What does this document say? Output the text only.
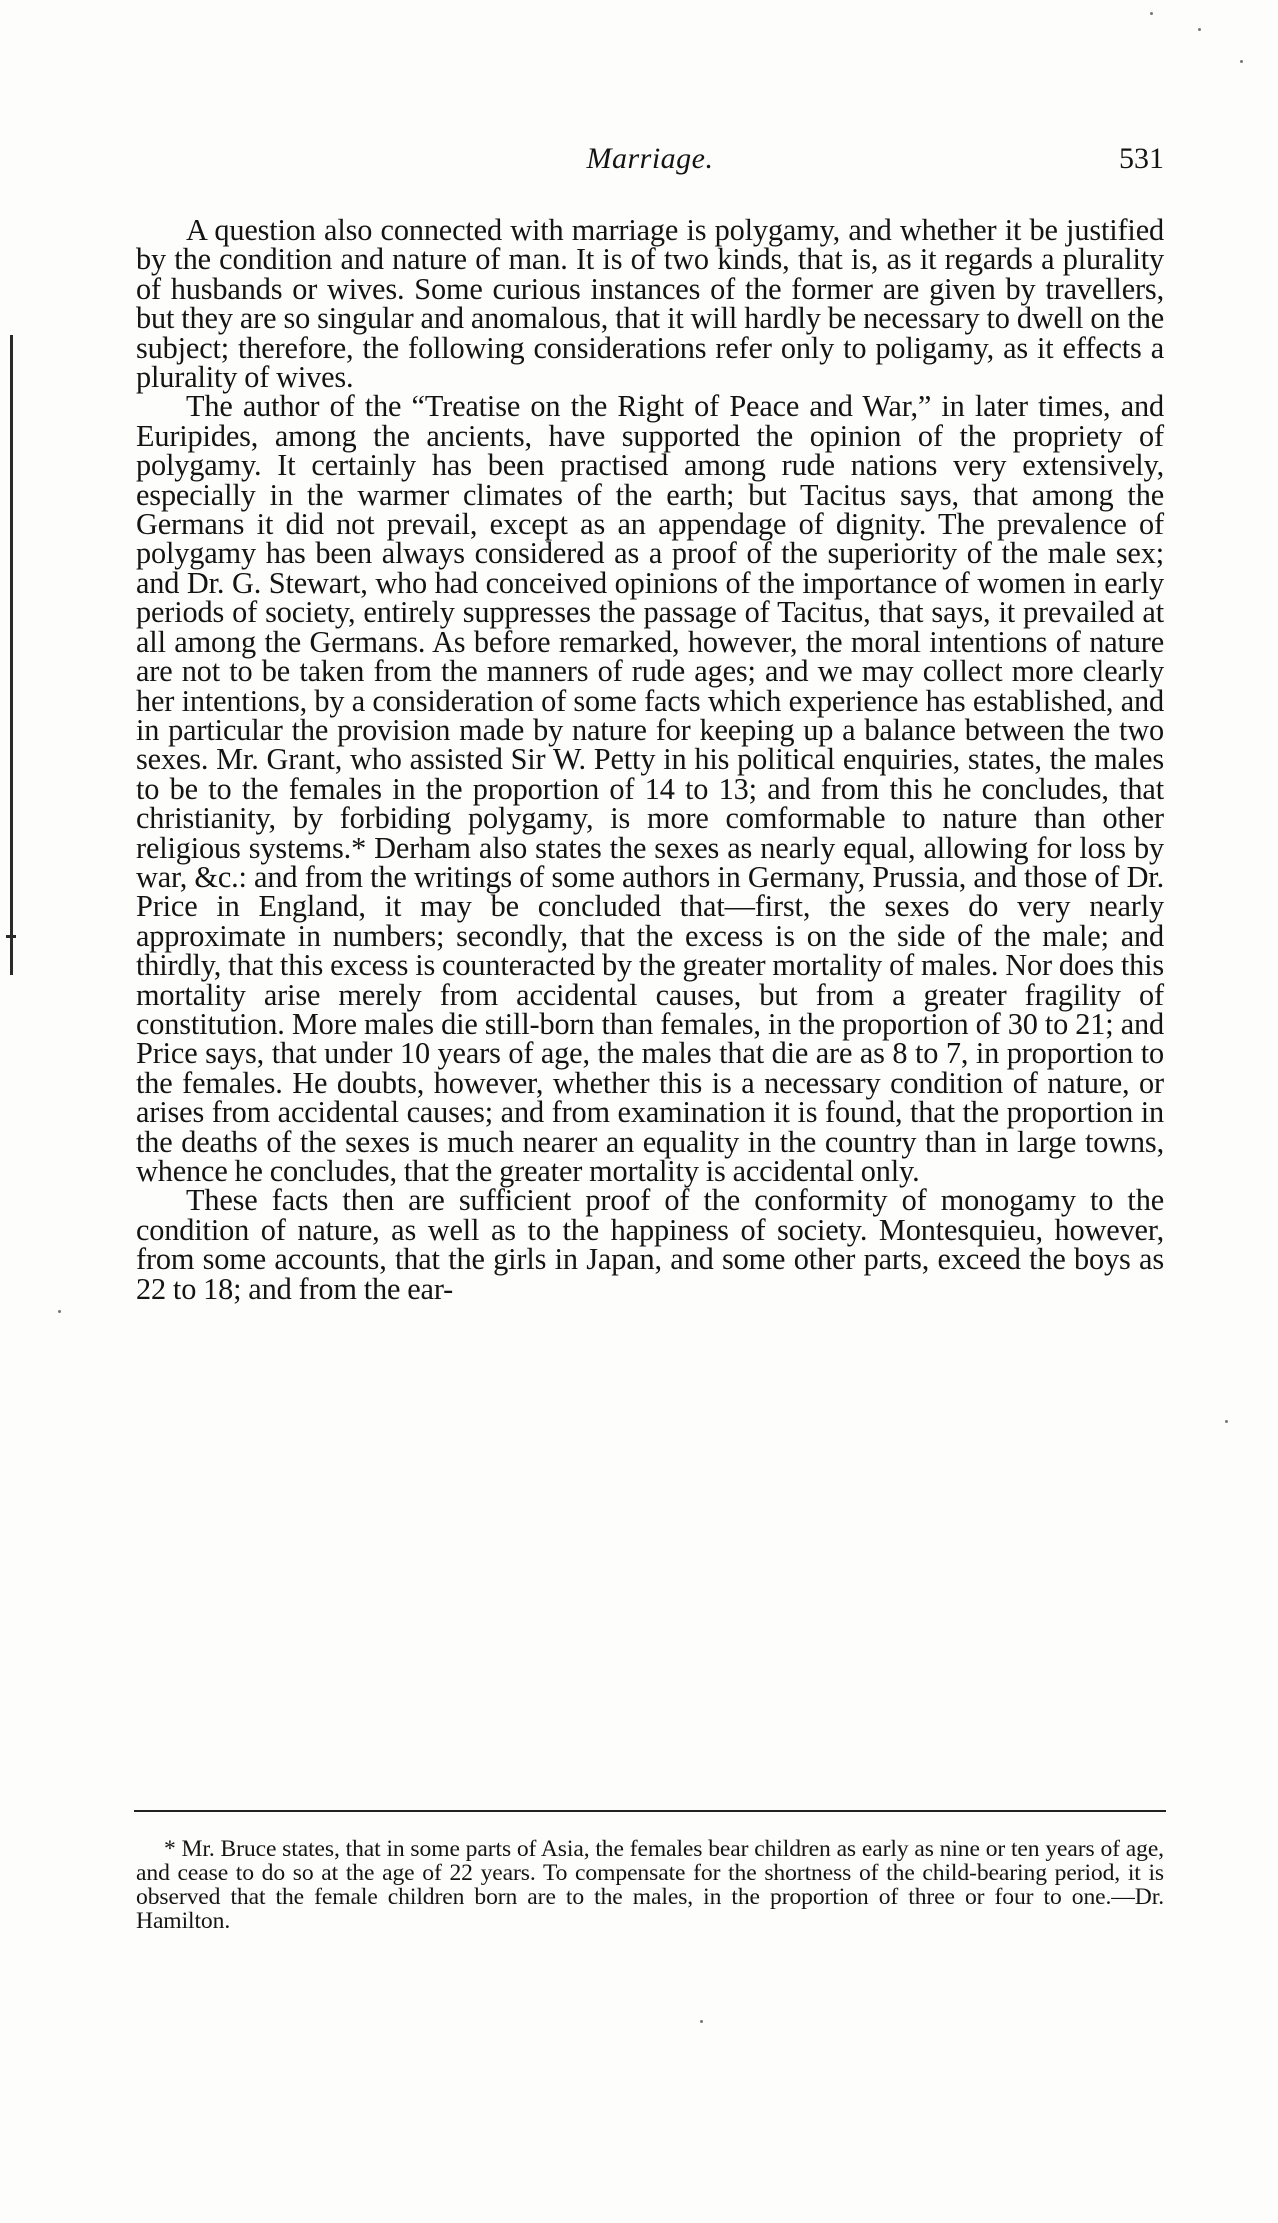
Marriage.	531

A question also connected with marriage is polygamy, and whether it be justified by the condition and nature of man. It is of two kinds, that is, as it regards a plurality of husbands or wives. Some curious instances of the former are given by travellers, but they are so singular and anomalous, that it will hardly be necessary to dwell on the subject; therefore, the following considerations refer only to poligamy, as it effects a plurality of wives.

The author of the “Treatise on the Right of Peace and War,” in later times, and Euripides, among the ancients, have supported the opinion of the propriety of polygamy. It certainly has been practised among rude nations very extensively, especially in the warmer climates of the earth; but Tacitus says, that among the Germans it did not prevail, except as an appendage of dignity. The prevalence of polygamy has been always considered as a proof of the superiority of the male sex; and Dr. G. Stewart, who had conceived opinions of the importance of women in early periods of society, entirely suppresses the passage of Tacitus, that says, it prevailed at all among the Germans. As before remarked, however, the moral intentions of nature are not to be taken from the manners of rude ages; and we may collect more clearly her intentions, by a consideration of some facts which experience has established, and in particular the provision made by nature for keeping up a balance between the two sexes. Mr. Grant, who assisted Sir W. Petty in his political enquiries, states, the males to be to the females in the proportion of 14 to 13; and from this he concludes, that christianity, by forbiding polygamy, is more comformable to nature than other religious systems.* Derham also states the sexes as nearly equal, allowing for loss by war, &c.: and from the writings of some authors in Germany, Prussia, and those of Dr. Price in England, it may be concluded that—first, the sexes do very nearly approximate in numbers; secondly, that the excess is on the side of the male; and thirdly, that this excess is counteracted by the greater mortality of males. Nor does this mortality arise merely from accidental causes, but from a greater fragility of constitution. More males die still-born than females, in the proportion of 30 to 21; and Price says, that under 10 years of age, the males that die are as 8 to 7, in proportion to the females. He doubts, however, whether this is a necessary condition of nature, or arises from accidental causes; and from examination it is found, that the proportion in the deaths of the sexes is much nearer an equality in the country than in large towns, whence he concludes, that the greater mortality is accidental only.

These facts then are sufficient proof of the conformity of monogamy to the condition of nature, as well as to the happiness of society. Montesquieu, however, from some accounts, that the girls in Japan, and some other parts, exceed the boys as 22 to 18; and from the ear-

* Mr. Bruce states, that in some parts of Asia, the females bear children as early as nine or ten years of age, and cease to do so at the age of 22 years. To compensate for the shortness of the child-bearing period, it is observed that the female children born are to the males, in the proportion of three or four to one.—Dr. Hamilton.
